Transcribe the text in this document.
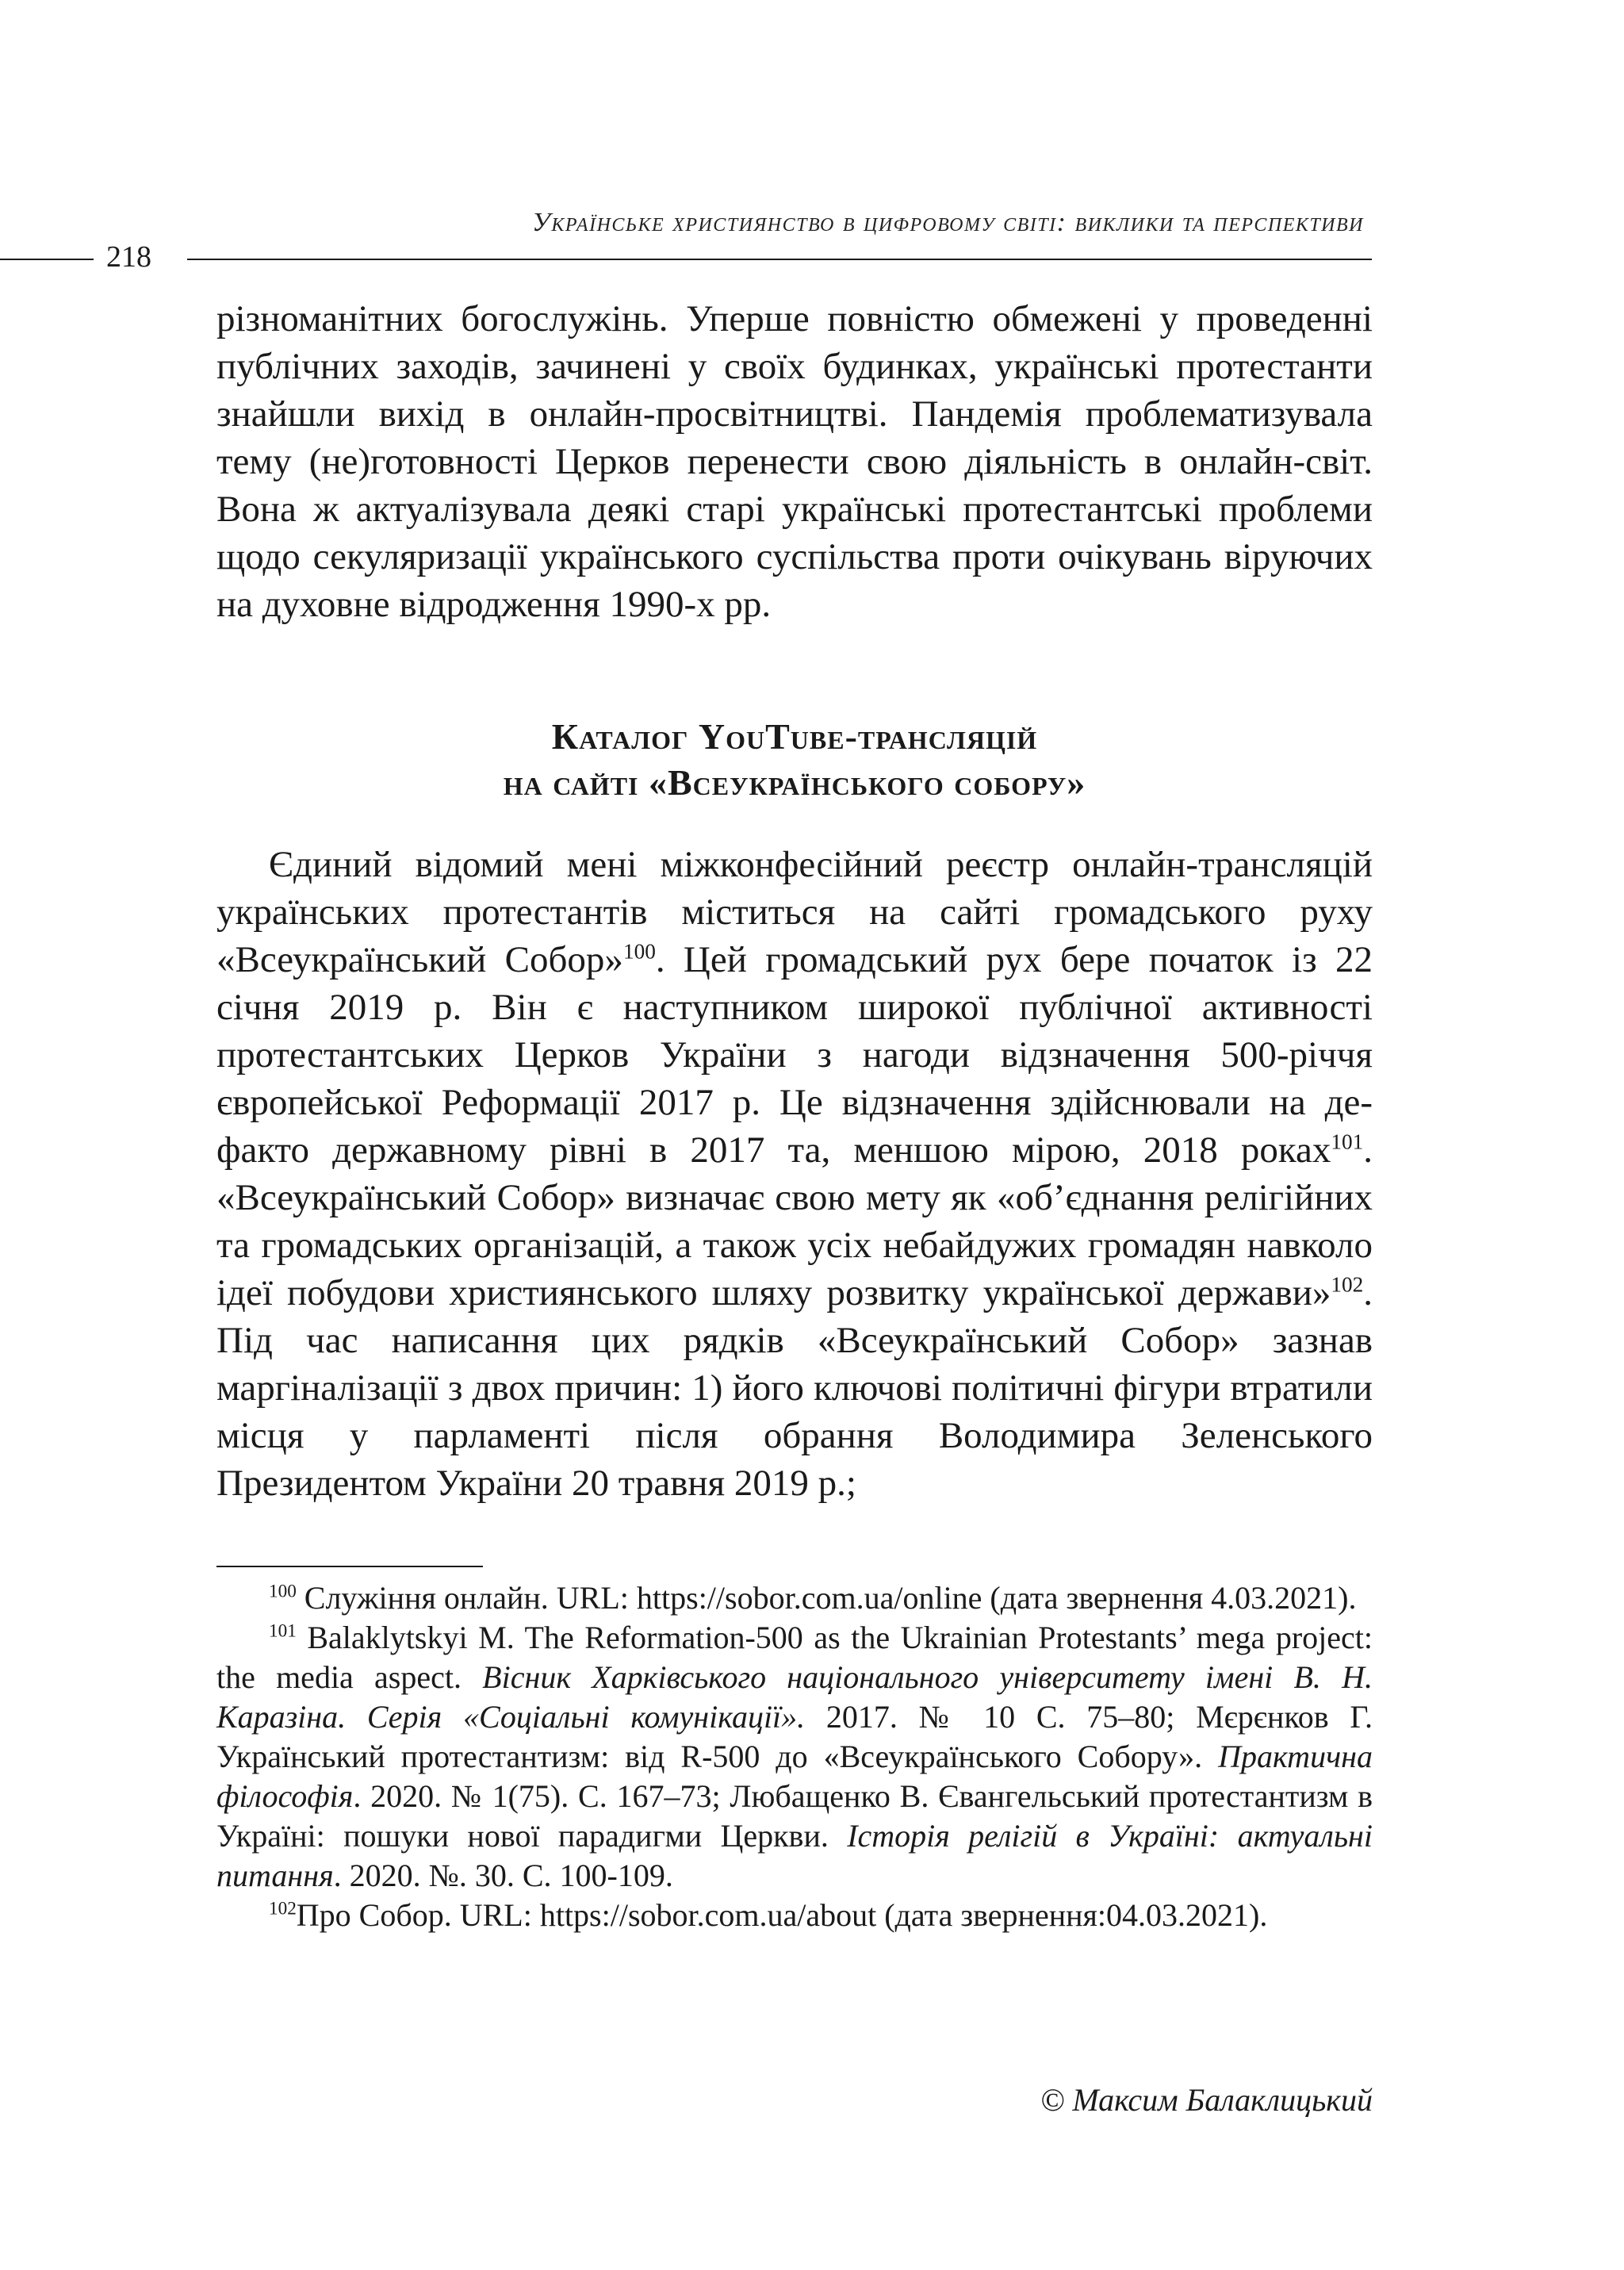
Українське християнство в цифровому світі: виклики та перспективи
218
різноманітних богослужінь. Уперше повністю обмежені у проведенні публічних заходів, зачинені у своїх будинках, українські протестанти знайшли вихід в онлайн-просвітництві. Пандемія проблематизувала тему (не)готовності Церков перенести свою діяльність в онлайн-світ. Вона ж актуалізувала деякі старі українські протестантські проблеми щодо секуляризації українського суспільства проти очікувань віруючих на духовне відродження 1990-х рр.
Каталог YouTube-трансляцій
на сайті «Всеукраїнського собору»
Єдиний відомий мені міжконфесійний реєстр онлайн-трансляцій українських протестантів міститься на сайті громадського руху «Всеукраїнський Собор»$^{100}$. Цей громадський рух бере початок із 22 січня 2019 р. Він є наступником широкої публічної активності протестантських Церков України з нагоди відзначення 500-річчя європейської Реформації 2017 р. Це відзначення здійснювали на де-факто державному рівні в 2017 та, меншою мірою, 2018 роках$^{101}$. «Всеукраїнський Собор» визначає свою мету як «об’єднання релігійних та громадських організацій, а також усіх небайдужих громадян навколо ідеї побудови християнського шляху розвитку української держави»$^{102}$. Під час написання цих рядків «Всеукраїнський Собор» зазнав маргіналізації з двох причин: 1) його ключові політичні фігури втратили місця у парламенті після обрання Володимира Зеленського Президентом України 20 травня 2019 р.;

$^{100}$ Служіння онлайн. URL: https://sobor.com.ua/online (дата звернення 4.03.2021).

$^{101}$ Balaklytskyi M. The Reformation-500 as the Ukrainian Protestants’ mega project: the media aspect. Вісник Харківського національного університету імені В. Н. Каразіна. Серія «Соціальні комунікації». 2017. № 10 С. 75–80; Мєрєнков Г. Український протестантизм: від R-500 до «Всеукраїнського Собору». Практична філософія. 2020. № 1(75). С. 167–73; Любащенко В. Євангельський протестантизм в Україні: пошуки нової парадигми Церкви. Історія релігій в Україні: актуальні питання. 2020. №. 30. С. 100-109.

$^{102}$Про Собор. URL: https://sobor.com.ua/about (дата звернення:04.03.2021).

© Максим Балаклицький
